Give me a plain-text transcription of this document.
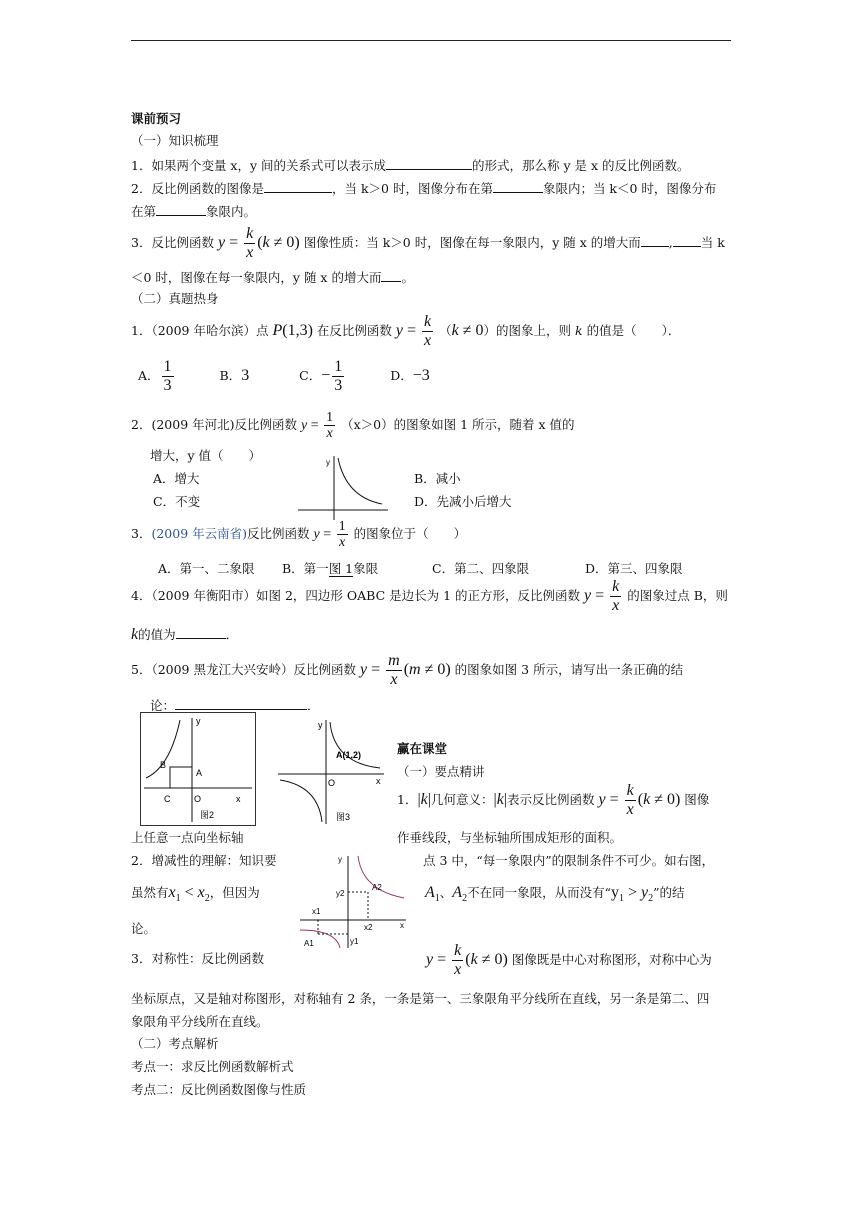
课前预习
（一）知识梳理
1．如果两个变量 x，y 间的关系式可以表示成	的形式，那么称 y 是 x 的反比例函数。
2．反比例函数的图像是	，当 k＞0 时，图像分布在第	象限内；当 k＜0 时，图像分布
在第	象限内。
3．反比例函数 $y = \frac{k}{x} (k \ne 0)$ 图像性质：当 k＞0 时，图像在每一象限内，y 随 x 的增大而 , 当 k
＜0 时，图像在每一象限内，y 随 x 的增大而 。
（二）真题热身
1．（2009 年哈尔滨）点 P(1,3) 在反比例函数 $y = \frac{k}{x} (k \ne 0)$的图象上，则 k 的值是（　　）．
A． $\frac{1}{3}$	B．3	C．− $\frac{1}{3}$	D．−3
2．(2009 年河北)反比例函数 $y = \frac{1}{x} (x>0)$的图象如图 1 所示，随着 x 值的
增大，y 值（　　）
A．增大	B．减小
C．不变	D．先减小后增大
y
3．(2009 年云南省)反比例函数 $y = \frac{1}{x}$ 的图象位于（　　）
A．第一、二象限 B．第一图 1象限	C．第二、四象限	D．第三、四象限
4．（2009 年衡阳市）如图 2，四边形 OABC 是边长为 1 的正方形，反比例函数 $y = \frac{k}{x}$ 的图象过点 B，则
k的值为	．
5．（2009 黑龙江大兴安岭）反比例函数 $y = \frac{m}{x} (m \ne 0)$ 的图象如图 3 所示，请写出一条正确的结
论：	．
y
x
B
A
C	O
图2
y
x
A(1,2)
O
图3
赢在课堂
（一）要点精讲
1．|k|几何意义：|k|表示反比例函数 $y = \frac{k}{x} (k \ne 0)$ 图像
上任意一点向坐标轴	作垂线段，与坐标轴所围成矩形的面积。
2．增减性的理解：知识要	点 3 中，“每一象限内”的限制条件不可少。如右图，
虽然有$x_1 < x_2$，但因为	$A_1$、$A_2$不在同一象限，从而没有“$y_1 > y_2$”的结
论。
y
x
A2
A1
x1
x2
y1
y2
3．对称性：反比例函数	$y = \frac{k}{x} (k \ne 0)$ 图像既是中心对称图形，对称中心为
坐标原点，又是轴对称图形，对称轴有 2 条，一条是第一、三象限角平分线所在直线，另一条是第二、四
象限角平分线所在直线。
（二）考点解析
考点一：求反比例函数解析式
考点二：反比例函数图像与性质
